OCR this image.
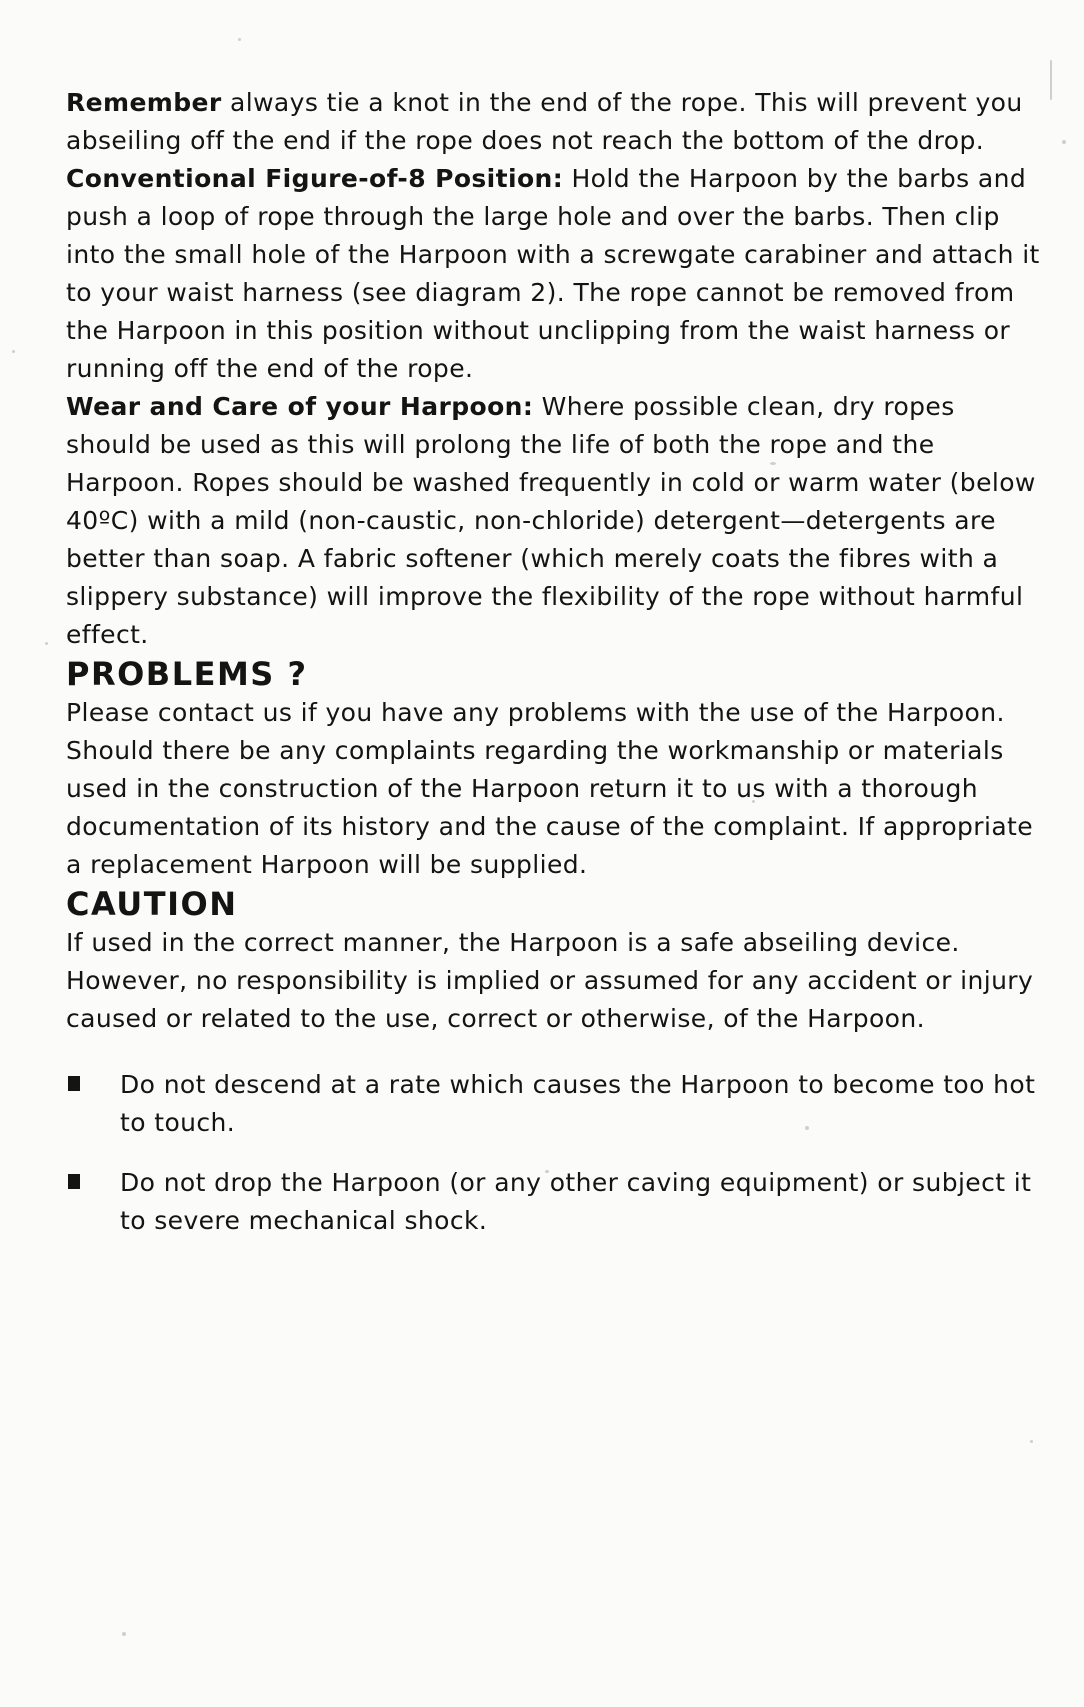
Remember always tie a knot in the end of the rope. This will prevent you abseiling off the end if the rope does not reach the bottom of the drop.

Conventional Figure-of-8 Position: Hold the Harpoon by the barbs and push a loop of rope through the large hole and over the barbs. Then clip into the small hole of the Harpoon with a screwgate carabiner and attach it to your waist harness (see diagram 2). The rope cannot be removed from the Harpoon in this position without unclipping from the waist harness or running off the end of the rope.

Wear and Care of your Harpoon: Where possible clean, dry ropes should be used as this will prolong the life of both the rope and the Harpoon. Ropes should be washed frequently in cold or warm water (below 40ºC) with a mild (non-caustic, non-chloride) detergent—detergents are better than soap. A fabric softener (which merely coats the fibres with a slippery substance) will improve the flexibility of the rope without harmful effect.

PROBLEMS ?

Please contact us if you have any problems with the use of the Harpoon. Should there be any complaints regarding the workmanship or materials used in the construction of the Harpoon return it to us with a thorough documentation of its history and the cause of the complaint. If appropriate a replacement Harpoon will be supplied.

CAUTION

If used in the correct manner, the Harpoon is a safe abseiling device. However, no responsibility is implied or assumed for any accident or injury caused or related to the use, correct or otherwise, of the Harpoon.

Do not descend at a rate which causes the Harpoon to become too hot to touch.
Do not drop the Harpoon (or any other caving equipment) or subject it to severe mechanical shock.
